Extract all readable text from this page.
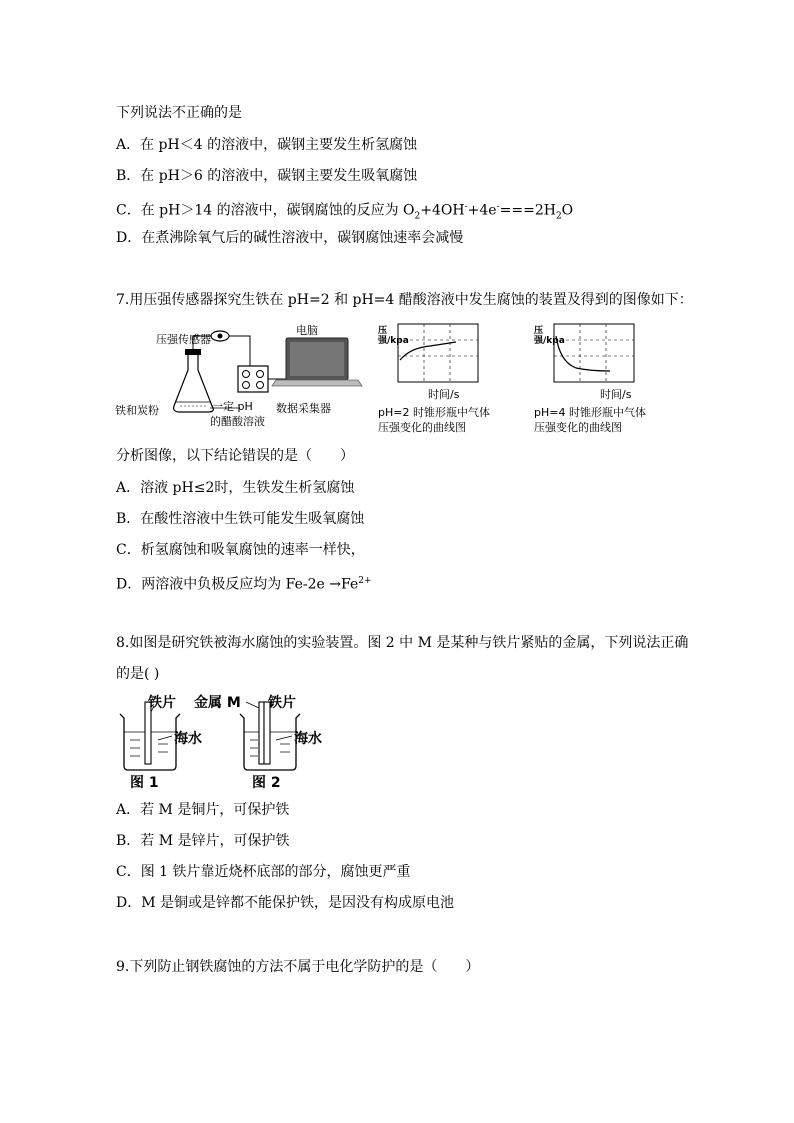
下列说法不正确的是
A．在 pH＜4 的溶液中，碳钢主要发生析氢腐蚀
B．在 pH＞6 的溶液中，碳钢主要发生吸氧腐蚀
C．在 pH＞14 的溶液中，碳钢腐蚀的反应为 $O_2+4OH^-+4e^-===2H_2O$
D．在煮沸除氧气后的碱性溶液中，碳钢腐蚀速率会减慢
7.用压强传感器探究生铁在 pH=2 和 pH=4 醋酸溶液中发生腐蚀的装置及得到的图像如下：
压强传感器
电脑
铁和炭粉	一定 pH
的醋酸溶液
数据采集器
压强/kpa
时间/s
pH=2 时锥形瓶中气体
压强变化的曲线图
压强/kpa
时间/s
pH=4 时锥形瓶中气体
压强变化的曲线图
分析图像，以下结论错误的是（　　）
A．溶液 pH≤2时，生铁发生析氢腐蚀
B．在酸性溶液中生铁可能发生吸氧腐蚀
C．析氢腐蚀和吸氧腐蚀的速率一样快，
D．两溶液中负极反应均为 $Fe-2e \to Fe^{2+}$
8.如图是研究铁被海水腐蚀的实验装置。图 2 中 M 是某种与铁片紧贴的金属，下列说法正确
的是( )
铁片
海水
图 1
金属 M 铁片
海水
图 2
A．若 M 是铜片，可保护铁
B．若 M 是锌片，可保护铁
C．图 1 铁片靠近烧杯底部的部分，腐蚀更严重
D．M 是铜或是锌都不能保护铁，是因没有构成原电池
9.下列防止钢铁腐蚀的方法不属于电化学防护的是（　　）
